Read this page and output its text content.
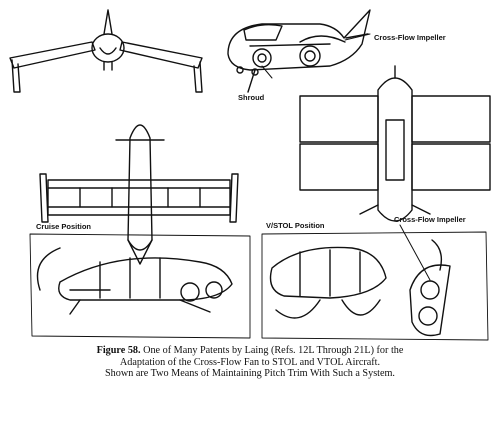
Cross-Flow Impeller
Shroud
Cruise Position	V/STOL Position
Cross-Flow Impeller
Figure 58. One of Many Patents by Laing (Refs. 12L Through 21L) for the
Adaptation of the Cross-Flow Fan to STOL and VTOL Aircraft.
Shown are Two Means of Maintaining Pitch Trim With Such a System.
